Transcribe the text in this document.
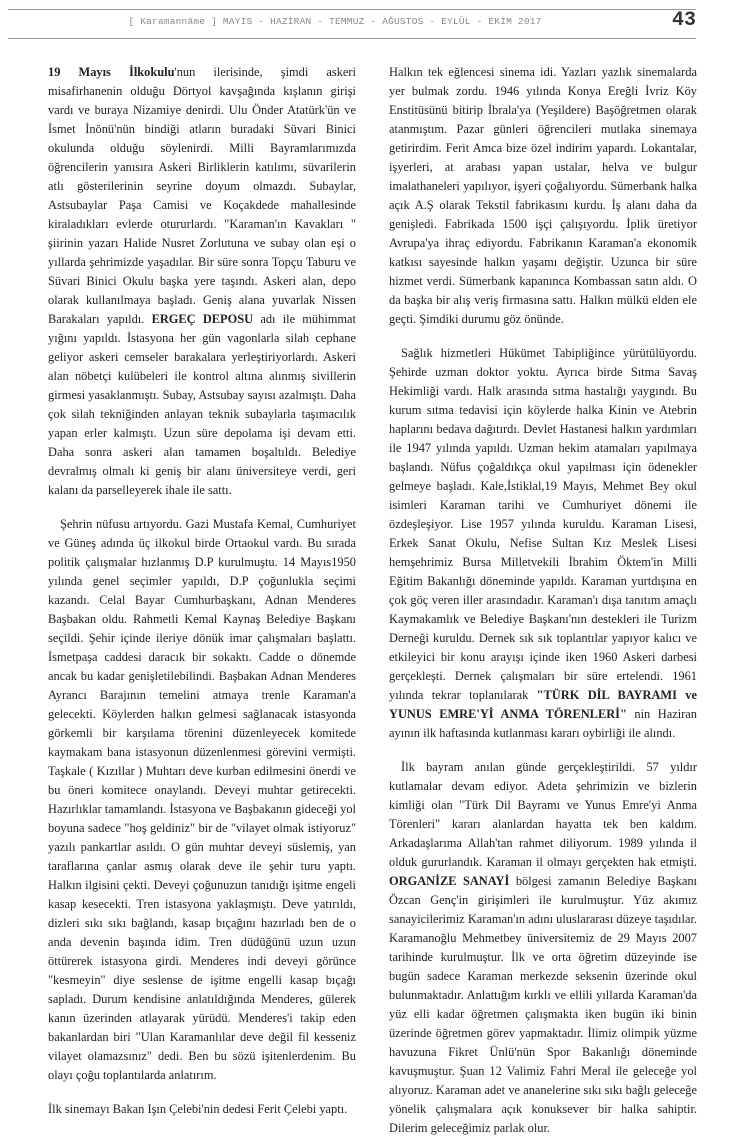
[ Karamannâme ] MAYIS - HAZİRAN - TEMMUZ - AĞUSTOS - EYLÜL - EKİM 2017	43

19 Mayıs İlkokulu'nun ilerisinde, şimdi askeri misafirhanenin olduğu Dörtyol kavşağında kışlanın girişi vardı ve buraya Nizamiye denirdi. Ulu Önder Atatürk'ün ve İsmet İnönü'nün bindiği atların buradaki Süvari Binici okulunda olduğu söylenirdi. Milli Bayramlarımızda öğrencilerin yanısıra Askeri Birliklerin katılımı, süvarilerin atlı gösterilerinin seyrine doyum olmazdı. Subaylar, Astsubaylar Paşa Camisi ve Koçakdede mahallesinde kiraladıkları evlerde otururlardı. "Karaman'ın Kavakları " şiirinin yazarı Halide Nusret Zorlutuna ve subay olan eşi o yıllarda şehrimizde yaşadılar. Bir süre sonra Topçu Taburu ve Süvari Binici Okulu başka yere taşındı. Askeri alan, depo olarak kullanılmaya başladı. Geniş alana yuvarlak Nissen Barakaları yapıldı. ERGEÇ DEPOSU adı ile mühimmat yığını yapıldı. İstasyona her gün vagonlarla silah cephane geliyor askeri cemseler barakalara yerleştiriyorlardı. Askeri alan nöbetçi kulübeleri ile kontrol altına alınmış sivillerin girmesi yasaklanmıştı. Subay, Astsubay sayısı azalmıştı. Daha çok silah tekniğinden anlayan teknik subaylarla taşımacılık yapan erler kalmıştı. Uzun süre depolama işi devam etti. Daha sonra askeri alan tamamen boşaltıldı. Belediye devralmış olmalı ki geniş bir alanı üniversiteye verdi, geri kalanı da parselleyerek ihale ile sattı.

Şehrin nüfusu artıyordu. Gazi Mustafa Kemal, Cumhuriyet ve Güneş adında üç ilkokul birde Ortaokul vardı. Bu sırada politik çalışmalar hızlanmış D.P kurulmuştu. 14 Mayıs1950 yılında genel seçimler yapıldı, D.P çoğunlukla seçimi kazandı. Celal Bayar Cumhurbaşkanı, Adnan Menderes Başbakan oldu. Rahmetli Kemal Kaynaş Belediye Başkanı seçildi. Şehir içinde ileriye dönük imar çalışmaları başlattı. İsmetpaşa caddesi daracık bir sokaktı. Cadde o dönemde ancak bu kadar genişletilebilindi. Başbakan Adnan Menderes Ayrancı Barajının temelini atmaya trenle Karaman'a gelecekti. Köylerden halkın gelmesi sağlanacak istasyonda görkemli bir karşılama törenini düzenleyecek komitede kaymakam bana istasyonun düzenlenmesi görevini vermişti. Taşkale ( Kızıllar ) Muhtarı deve kurban edilmesini önerdi ve bu öneri komitece onaylandı. Deveyi muhtar getirecekti. Hazırlıklar tamamlandı. İstasyona ve Başbakanın gideceği yol boyuna sadece "hoş geldiniz" bir de "vilayet olmak istiyoruz" yazılı pankartlar asıldı. O gün muhtar deveyi süslemiş, yan taraflarına çanlar asmış olarak deve ile şehir turu yaptı. Halkın ilgisini çekti. Deveyi çoğunuzun tanıdığı işitme engeli kasap kesecekti. Tren istasyona yaklaşmıştı. Deve yatırıldı, dizleri sıkı sıkı bağlandı, kasap bıçağını hazırladı ben de o anda devenin başında idim. Tren düdüğünü uzun uzun öttürerek istasyona girdi. Menderes indi deveyi görünce "kesmeyin" diye seslense de işitme engelli kasap bıçağı sapladı. Durum kendisine anlatıldığında Menderes, gülerek kanın üzerinden atlayarak yürüdü. Menderes'i takip eden bakanlardan biri "Ulan Karamanlılar deve değil fil kesseniz vilayet olamazsınız" dedi. Ben bu sözü işitenlerdenim. Bu olayı çoğu toplantılarda anlatırım.

İlk sinemayı Bakan Işın Çelebi'nin dedesi Ferit Çelebi yaptı.

Halkın tek eğlencesi sinema idi. Yazları yazlık sinemalarda yer bulmak zordu. 1946 yılında Konya Ereğli İvriz Köy Enstitüsünü bitirip İbrala'ya (Yeşildere) Başöğretmen olarak atanmıştım. Pazar günleri öğrencileri mutlaka sinemaya getirirdim. Ferit Amca bize özel indirim yapardı. Lokantalar, işyerleri, at arabası yapan ustalar, helva ve bulgur imalathaneleri yapılıyor, işyeri çoğalıyordu. Sümerbank halka açık A.Ş olarak Tekstil fabrikasını kurdu. İş alanı daha da genişledi. Fabrikada 1500 işçi çalışıyordu. İplik üretiyor Avrupa'ya ihraç ediyordu. Fabrikanın Karaman'a ekonomik katkısı sayesinde halkın yaşamı değiştir. Uzunca bir süre hizmet verdi. Sümerbank kapanınca Kombassan satın aldı. O da başka bir alış veriş firmasına sattı. Halkın mülkü elden ele geçti. Şimdiki durumu göz önünde.

Sağlık hizmetleri Hükümet Tabipliğince yürütülüyordu. Şehirde uzman doktor yoktu. Ayrıca birde Sıtma Savaş Hekimliği vardı. Halk arasında sıtma hastalığı yaygındı. Bu kurum sıtma tedavisi için köylerde halka Kinin ve Atebrin haplarını bedava dağıtırdı. Devlet Hastanesi halkın yardımları ile 1947 yılında yapıldı. Uzman hekim atamaları yapılmaya başlandı. Nüfus çoğaldıkça okul yapılması için ödenekler gelmeye başladı. Kale,İstiklal,19 Mayıs, Mehmet Bey okul isimleri Karaman tarihi ve Cumhuriyet dönemi ile özdeşleşiyor. Lise 1957 yılında kuruldu. Karaman Lisesi, Erkek Sanat Okulu, Nefise Sultan Kız Meslek Lisesi hemşehrimiz Bursa Milletvekili İbrahim Öktem'in Milli Eğitim Bakanlığı döneminde yapıldı. Karaman yurtdışına en çok göç veren iller arasındadır. Karaman'ı dışa tanıtım amaçlı Kaymakamlık ve Belediye Başkanı'nın destekleri ile Turizm Derneği kuruldu. Dernek sık sık toplantılar yapıyor kalıcı ve etkileyici bir konu arayışı içinde iken 1960 Askeri darbesi gerçekleşti. Dernek çalışmaları bir süre ertelendi. 1961 yılında tekrar toplanılarak "TÜRK DİL BAYRAMI ve YUNUS EMRE'Yİ ANMA TÖRENLERİ" nin Haziran ayının ilk haftasında kutlanması kararı oybirliği ile alındı.

İlk bayram anılan günde gerçekleştirildi. 57 yıldır kutlamalar devam ediyor. Adeta şehrimizin ve bizlerin kimliği olan "Türk Dil Bayramı ve Yunus Emre'yi Anma Törenleri" kararı alanlardan hayatta tek ben kaldım. Arkadaşlarıma Allah'tan rahmet diliyorum. 1989 yılında il olduk gururlandık. Karaman il olmayı gerçekten hak etmişti. ORGANİZE SANAYİ bölgesi zamanın Belediye Başkanı Özcan Genç'in girişimleri ile kurulmuştur. Yüz akımız sanayicilerimiz Karaman'ın adını uluslararası düzeye taşıdılar. Karamanoğlu Mehmetbey üniversitemiz de 29 Mayıs 2007 tarihinde kurulmuştur. İlk ve orta öğretim düzeyinde ise bugün sadece Karaman merkezde seksenin üzerinde okul bulunmaktadır. Anlattığım kırklı ve ellili yıllarda Karaman'da yüz elli kadar öğretmen çalışmakta iken bugün iki binin üzerinde öğretmen görev yapmaktadır. İlimiz olimpik yüzme havuzuna Fikret Ünlü'nün Spor Bakanlığı döneminde kavuşmuştur. Şuan 12 Valimiz Fahri Meral ile geleceğe yol alıyoruz. Karaman adet ve ananelerine sıkı sıkı bağlı geleceğe yönelik çalışmalara açık konuksever bir halka sahiptir. Dilerim geleceğimiz parlak olur.
